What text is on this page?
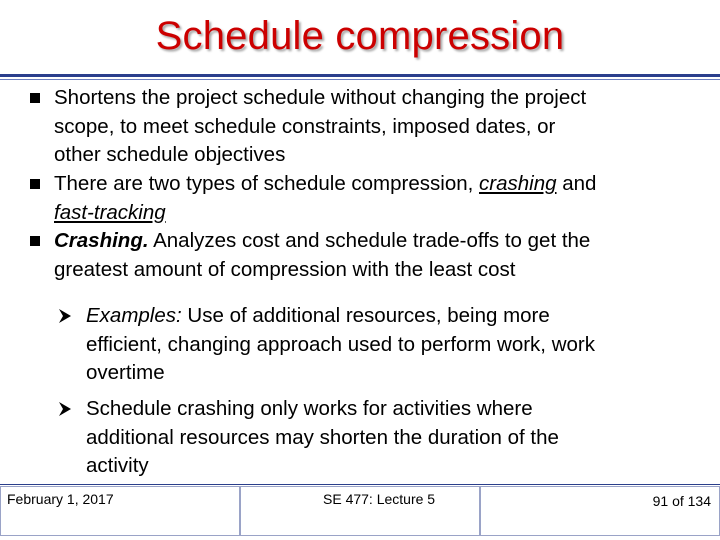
Schedule compression
Shortens the project schedule without changing the project
scope, to meet schedule constraints, imposed dates, or
other schedule objectives
There are two types of schedule compression, crashing and
fast-tracking
Crashing. Analyzes cost and schedule trade-offs to get the
greatest amount of compression with the least cost
Examples: Use of additional resources, being more
efficient, changing approach used to perform work, work
overtime
Schedule crashing only works for activities where
additional resources may shorten the duration of the
activity
February 1, 2017	SE 477: Lecture 5	91 of 134
